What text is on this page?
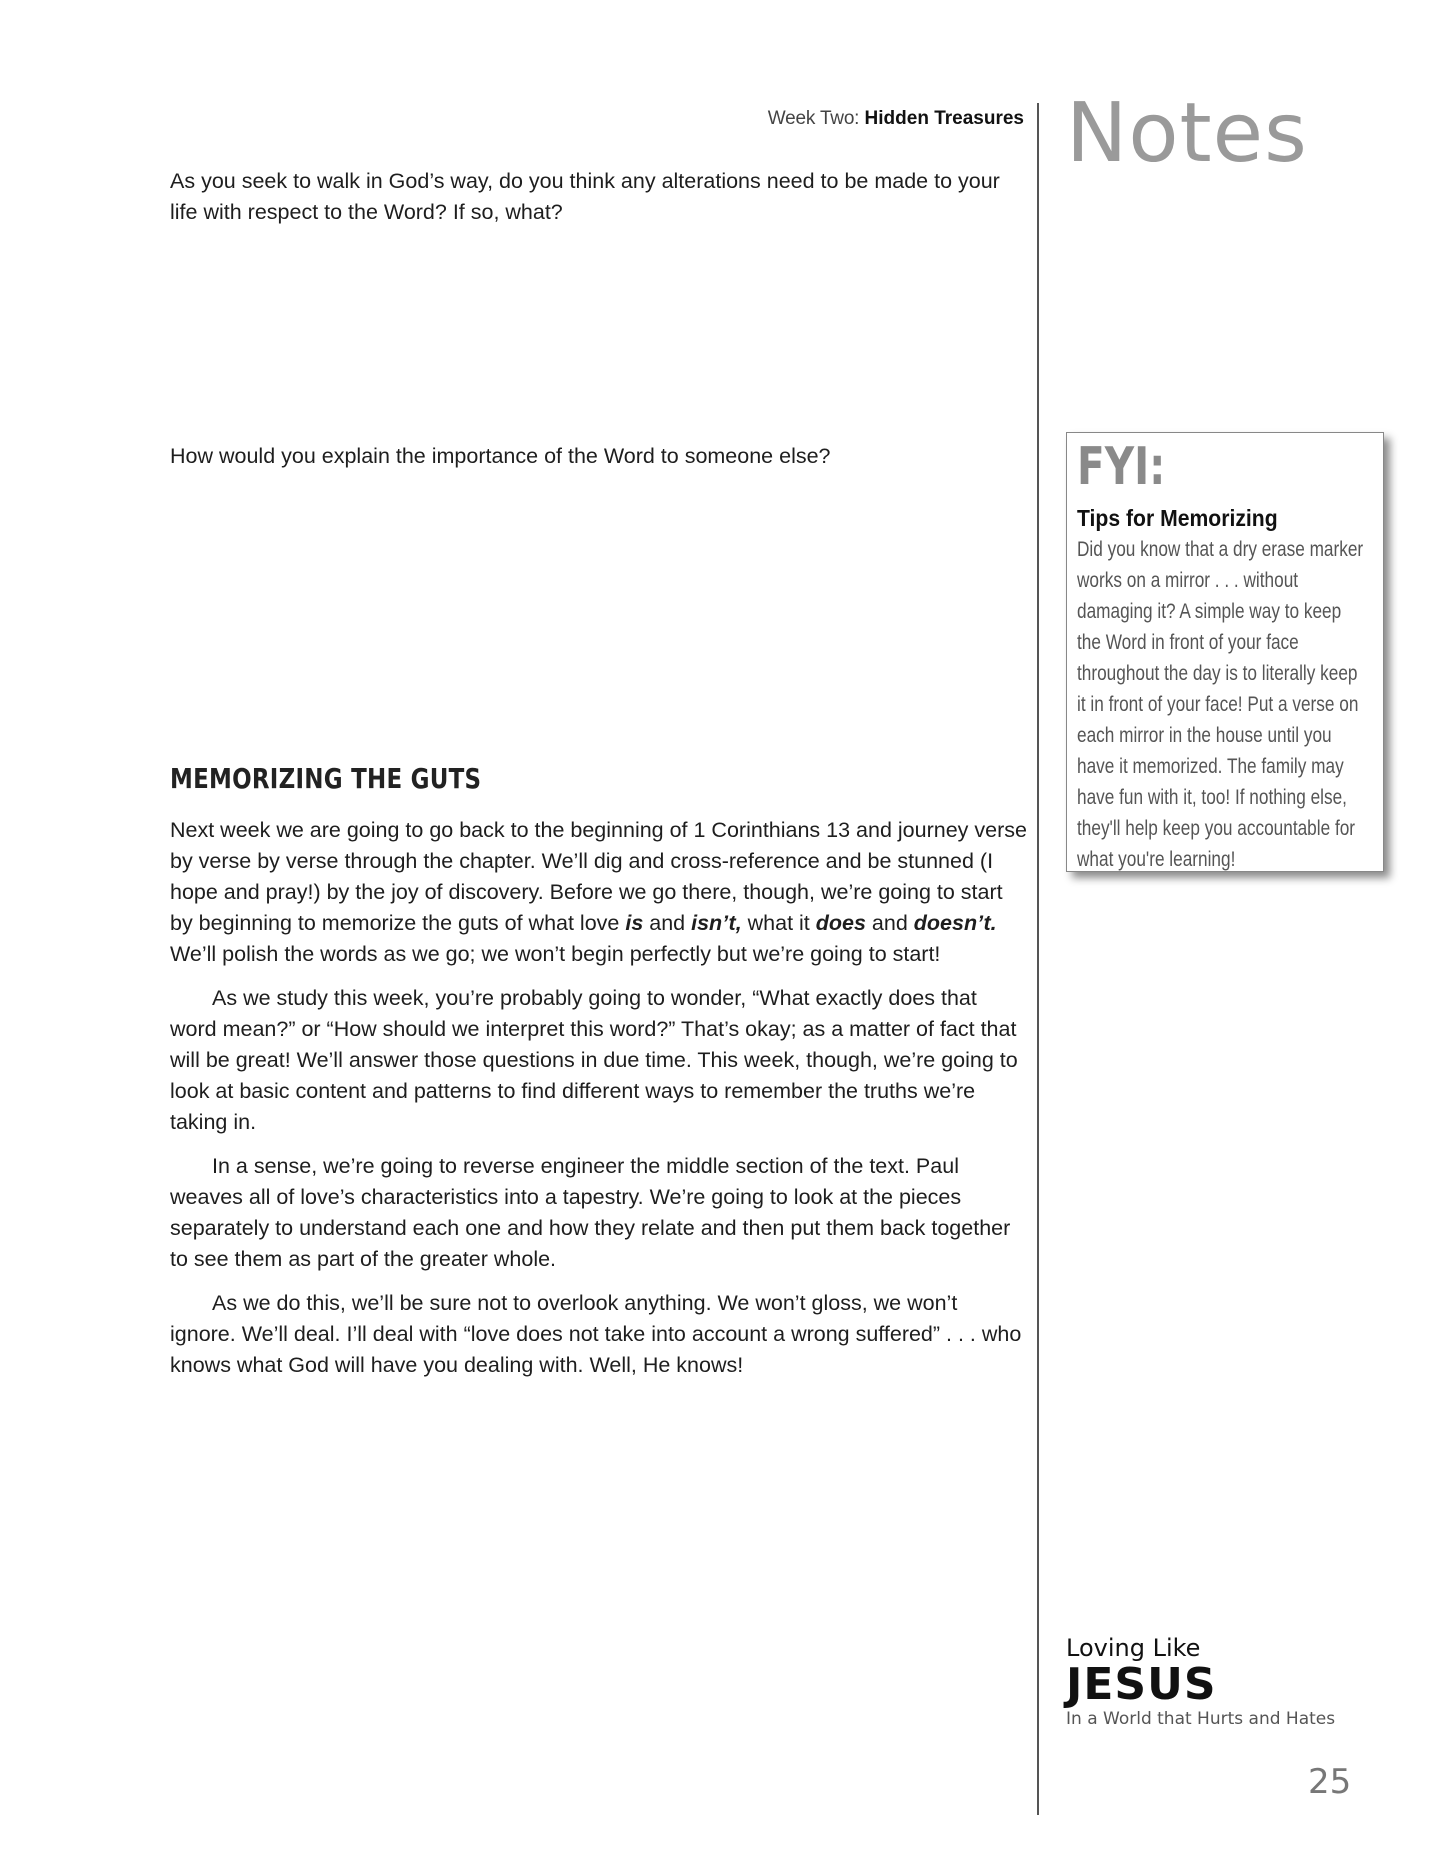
Week Two: Hidden Treasures Notes

As you seek to walk in God’s way, do you think any alterations need to be made to your life with respect to the Word? If so, what?

How would you explain the importance of the Word to someone else?

MEMORIZING THE GUTS

Next week we are going to go back to the beginning of 1 Corinthians 13 and journey verse by verse by verse through the chapter. We’ll dig and cross-reference and be stunned (I hope and pray!) by the joy of discovery. Before we go there, though, we’re going to start by beginning to memorize the guts of what love is and isn’t, what it does and doesn’t. We’ll polish the words as we go; we won’t begin perfectly but we’re going to start!

As we study this week, you’re probably going to wonder, “What exactly does that word mean?” or “How should we interpret this word?” That’s okay; as a matter of fact that will be great! We’ll answer those questions in due time. This week, though, we’re going to look at basic content and patterns to find different ways to remember the truths we’re taking in.

In a sense, we’re going to reverse engineer the middle section of the text. Paul weaves all of love’s characteristics into a tapestry. We’re going to look at the pieces separately to understand each one and how they relate and then put them back together to see them as part of the greater whole.

As we do this, we’ll be sure not to overlook anything. We won’t gloss, we won’t ignore. We’ll deal. I’ll deal with “love does not take into account a wrong suffered” . . . who knows what God will have you dealing with. Well, He knows!

FYI:
Tips for Memorizing
Did you know that a dry erase marker works on a mirror . . . without damaging it? A simple way to keep the Word in front of your face throughout the day is to literally keep it in front of your face! Put a verse on each mirror in the house until you have it memorized. The family may have fun with it, too! If nothing else, they'll help keep you accountable for what you're learning!
Loving Like
JESUS
In a World that Hurts and Hates
25
